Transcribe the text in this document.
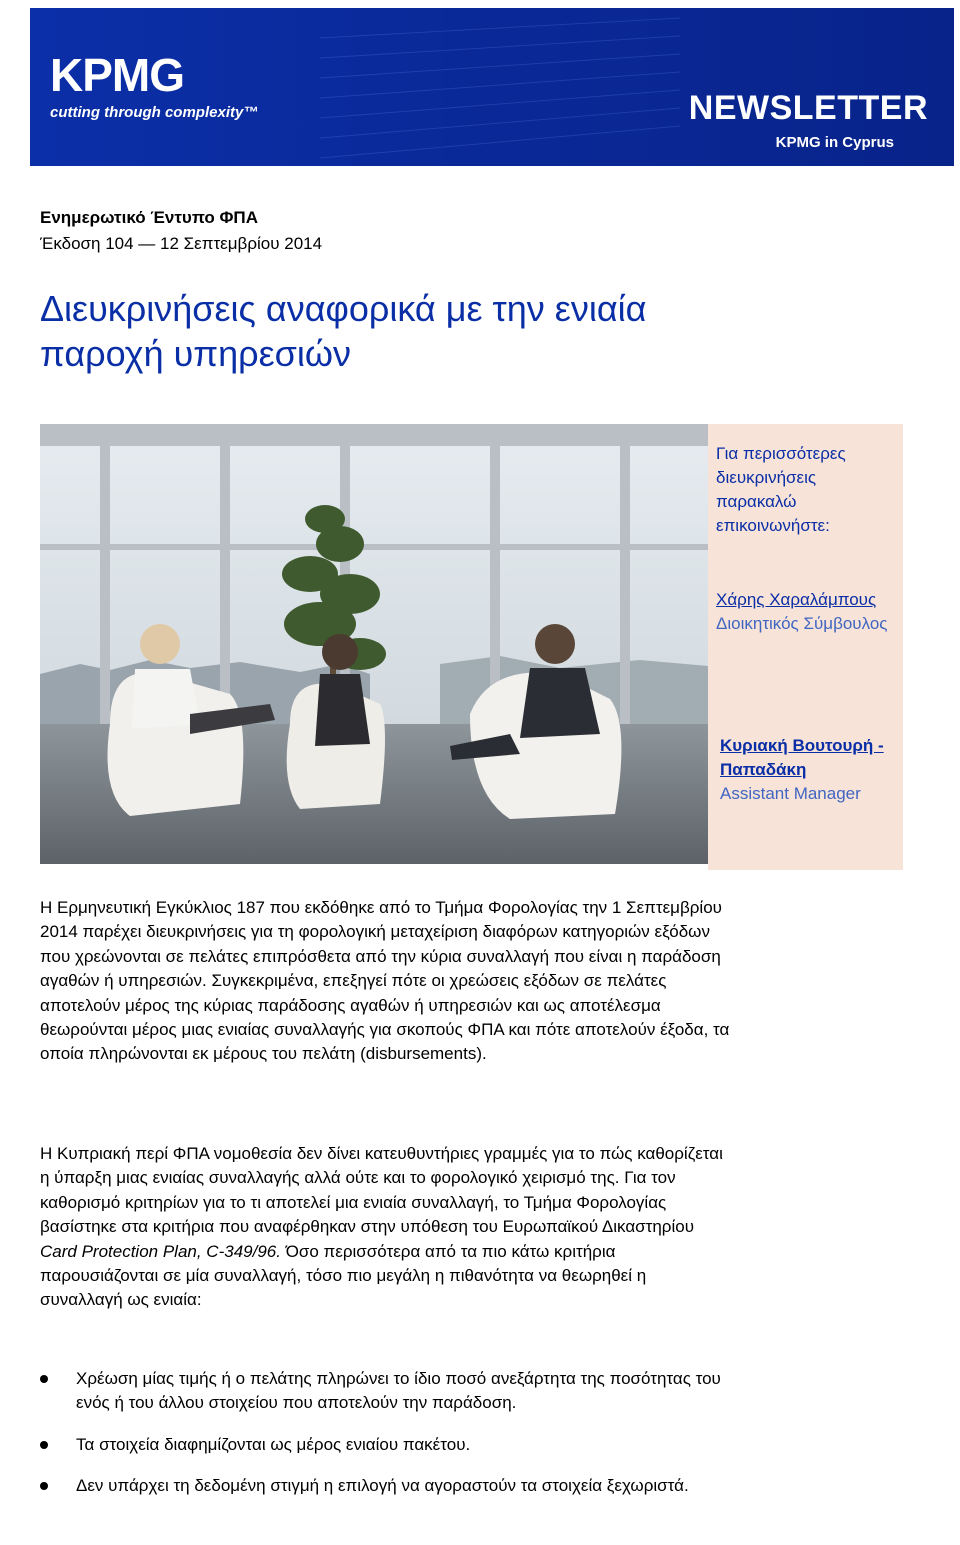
KPMG
cutting through complexity™	NEWSLETTER
KPMG in Cyprus
Ενημερωτικό Έντυπο ΦΠΑ
Έκδοση 104 — 12 Σεπτεμβρίου 2014
Διευκρινήσεις αναφορικά με την ενιαία παροχή υπηρεσιών
Για περισσότερες διευκρινήσεις παρακαλώ επικοινωνήστε:
Χάρης Χαραλάμπους
Διοικητικός Σύμβουλος
Κυριακή Βουτουρή - Παπαδάκη
Assistant Manager

Η Ερμηνευτική Εγκύκλιος 187 που εκδόθηκε από το Τμήμα Φορολογίας την 1 Σεπτεμβρίου 2014 παρέχει διευκρινήσεις για τη φορολογική μεταχείριση διαφόρων κατηγοριών εξόδων που χρεώνονται σε πελάτες επιπρόσθετα από την κύρια συναλλαγή που είναι η παράδοση αγαθών ή υπηρεσιών. Συγκεκριμένα, επεξηγεί πότε οι χρεώσεις εξόδων σε πελάτες αποτελούν μέρος της κύριας παράδοσης αγαθών ή υπηρεσιών και ως αποτέλεσμα θεωρούνται μέρος μιας ενιαίας συναλλαγής για σκοπούς ΦΠΑ και πότε αποτελούν έξοδα, τα οποία πληρώνονται εκ μέρους του πελάτη (disbursements).

Η Κυπριακή περί ΦΠΑ νομοθεσία δεν δίνει κατευθυντήριες γραμμές για το πώς καθορίζεται η ύπαρξη μιας ενιαίας συναλλαγής αλλά ούτε και το φορολογικό χειρισμό της. Για τον καθορισμό κριτηρίων για το τι αποτελεί μια ενιαία συναλλαγή, το Τμήμα Φορολογίας βασίστηκε στα κριτήρια που αναφέρθηκαν στην υπόθεση του Ευρωπαϊκού Δικαστηρίου Card Protection Plan, C-349/96. Όσο περισσότερα από τα πιο κάτω κριτήρια παρουσιάζονται σε μία συναλλαγή, τόσο πιο μεγάλη η πιθανότητα να θεωρηθεί η συναλλαγή ως ενιαία:

Χρέωση μίας τιμής ή ο πελάτης πληρώνει το ίδιο ποσό ανεξάρτητα της ποσότητας του ενός ή του άλλου στοιχείου που αποτελούν την παράδοση.
Τα στοιχεία διαφημίζονται ως μέρος ενιαίου πακέτου.
Δεν υπάρχει τη δεδομένη στιγμή η επιλογή να αγοραστούν τα στοιχεία ξεχωριστά.
